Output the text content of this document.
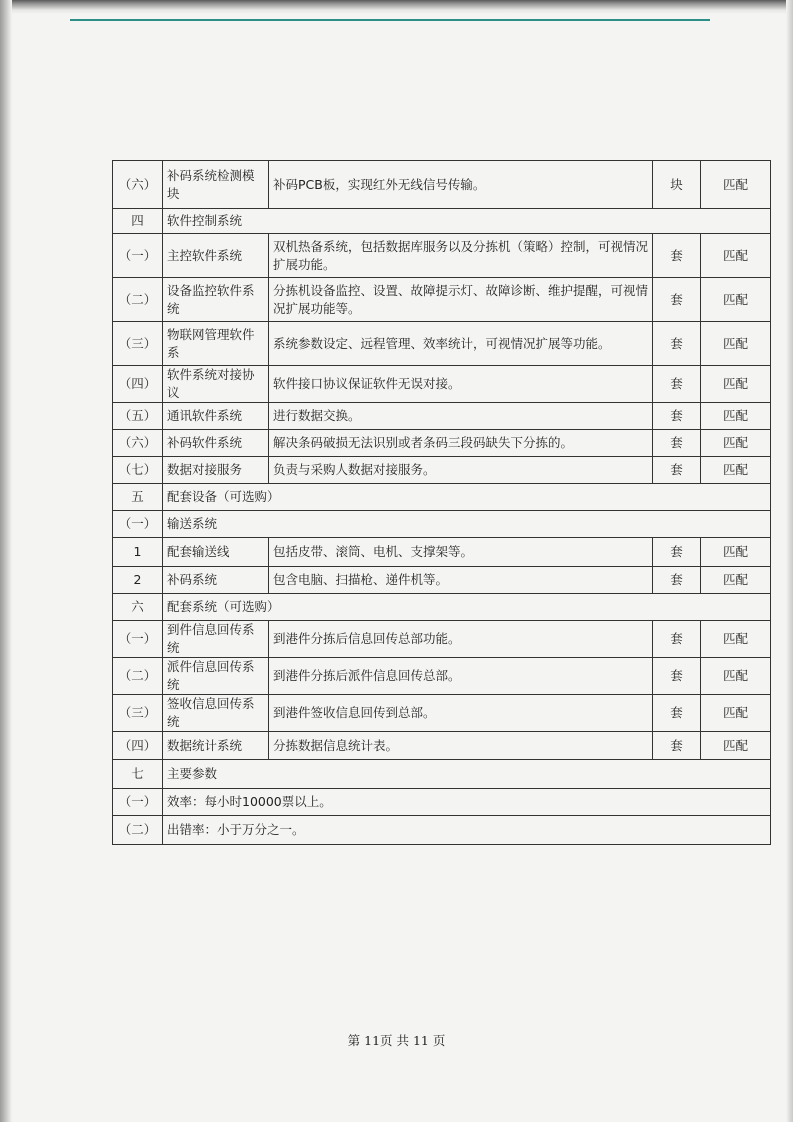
（六）	补码系统检测模块	补码PCB板，实现红外无线信号传输。	块	匹配
四	软件控制系统			
（一）	主控软件系统	双机热备系统，包括数据库服务以及分拣机（策略）控制，可视情况扩展功能。	套	匹配
（二）	设备监控软件系统	分拣机设备监控、设置、故障提示灯、故障诊断、维护提醒，可视情况扩展功能等。	套	匹配
（三）	物联网管理软件系	系统参数设定、远程管理、效率统计，可视情况扩展等功能。	套	匹配
（四）	软件系统对接协议	软件接口协议保证软件无误对接。	套	匹配
（五）	通讯软件系统	进行数据交换。	套	匹配
（六）	补码软件系统	解决条码破损无法识别或者条码三段码缺失下分拣的。	套	匹配
（七）	数据对接服务	负责与采购人数据对接服务。	套	匹配
五	配套设备（可选购）			
（一）	输送系统			
1	配套输送线	包括皮带、滚筒、电机、支撑架等。	套	匹配
2	补码系统	包含电脑、扫描枪、递件机等。	套	匹配
六	配套系统（可选购）			
（一）	到件信息回传系统	到港件分拣后信息回传总部功能。	套	匹配
（二）	派件信息回传系统	到港件分拣后派件信息回传总部。	套	匹配
（三）	签收信息回传系统	到港件签收信息回传到总部。	套	匹配
（四）	数据统计系统	分拣数据信息统计表。	套	匹配
七	主要参数			
（一）	效率：每小时10000票以上。			
（二）	出错率：小于万分之一。			
第 11页 共 11 页
